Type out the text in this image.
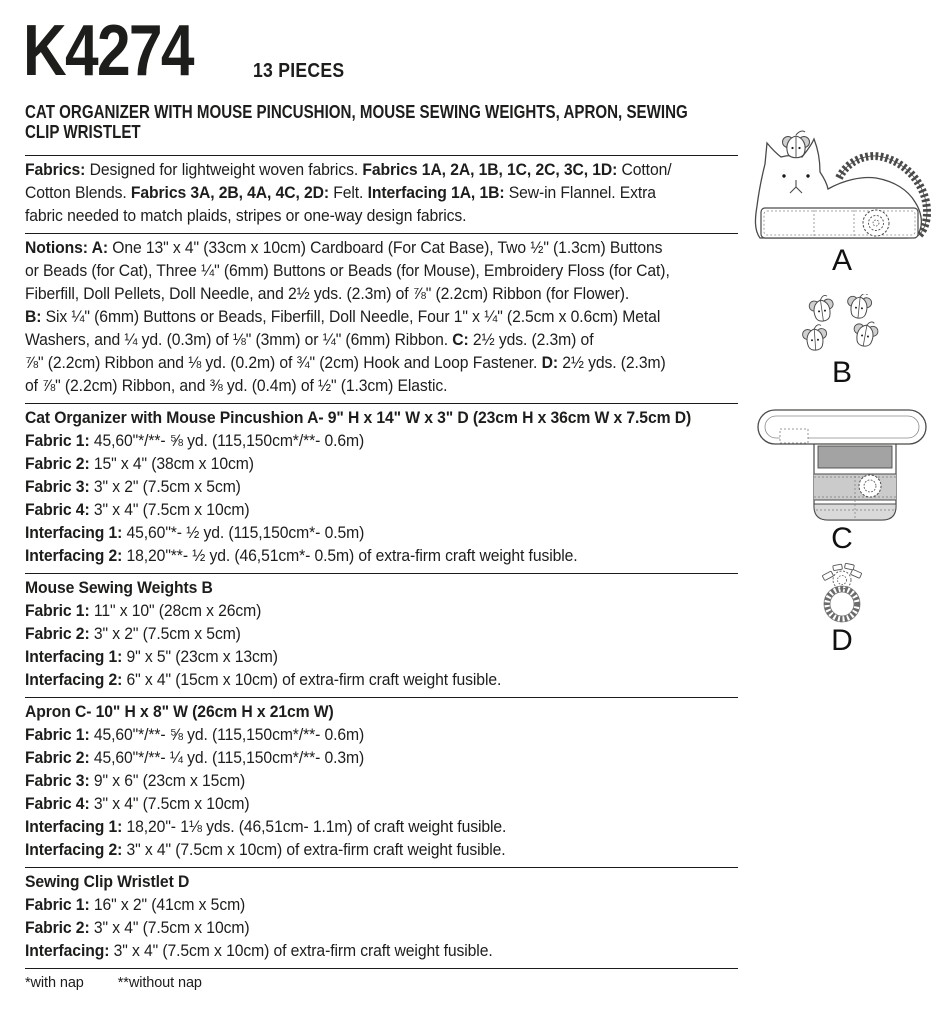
K4274	13 PIECES
CAT ORGANIZER WITH MOUSE PINCUSHION, MOUSE SEWING WEIGHTS, APRON, SEWING
CLIP WRISTLET
Fabrics: Designed for lightweight woven fabrics. Fabrics 1A, 2A, 1B, 1C, 2C, 3C, 1D: Cotton/
Cotton Blends. Fabrics 3A, 2B, 4A, 4C, 2D: Felt. Interfacing 1A, 1B: Sew-in Flannel. Extra
fabric needed to match plaids, stripes or one-way design fabrics.
Notions: A: One 13" x 4" (33cm x 10cm) Cardboard (For Cat Base), Two ½" (1.3cm) Buttons
or Beads (for Cat), Three ¼" (6mm) Buttons or Beads (for Mouse), Embroidery Floss (for Cat),
Fiberfill, Doll Pellets, Doll Needle, and 2½ yds. (2.3m) of ⅞" (2.2cm) Ribbon (for Flower).
B: Six ¼" (6mm) Buttons or Beads, Fiberfill, Doll Needle, Four 1" x ¼" (2.5cm x 0.6cm) Metal
Washers, and ¼ yd. (0.3m) of ⅛" (3mm) or ¼" (6mm) Ribbon. C: 2½ yds. (2.3m) of
⅞" (2.2cm) Ribbon and ⅛ yd. (0.2m) of ¾" (2cm) Hook and Loop Fastener. D: 2½ yds. (2.3m)
of ⅞" (2.2cm) Ribbon, and ⅜ yd. (0.4m) of ½" (1.3cm) Elastic.
Cat Organizer with Mouse Pincushion A- 9" H x 14" W x 3" D (23cm H x 36cm W x 7.5cm D)
Fabric 1: 45,60"*/**- ⅝ yd. (115,150cm*/**- 0.6m)
Fabric 2: 15" x 4" (38cm x 10cm)
Fabric 3: 3" x 2" (7.5cm x 5cm)
Fabric 4: 3" x 4" (7.5cm x 10cm)
Interfacing 1: 45,60"*- ½ yd. (115,150cm*- 0.5m)
Interfacing 2: 18,20"**- ½ yd. (46,51cm*- 0.5m) of extra-firm craft weight fusible.
Mouse Sewing Weights B
Fabric 1: 11" x 10" (28cm x 26cm)
Fabric 2: 3" x 2" (7.5cm x 5cm)
Interfacing 1: 9" x 5" (23cm x 13cm)
Interfacing 2: 6" x 4" (15cm x 10cm) of extra-firm craft weight fusible.
Apron C- 10" H x 8" W (26cm H x 21cm W)
Fabric 1: 45,60"*/**- ⅝ yd. (115,150cm*/**- 0.6m)
Fabric 2: 45,60"*/**- ¼ yd. (115,150cm*/**- 0.3m)
Fabric 3: 9" x 6" (23cm x 15cm)
Fabric 4: 3" x 4" (7.5cm x 10cm)
Interfacing 1: 18,20"- 1⅛ yds. (46,51cm- 1.1m) of craft weight fusible.
Interfacing 2: 3" x 4" (7.5cm x 10cm) of extra-firm craft weight fusible.
Sewing Clip Wristlet D
Fabric 1: 16" x 2" (41cm x 5cm)
Fabric 2: 3" x 4" (7.5cm x 10cm)
Interfacing: 3" x 4" (7.5cm x 10cm) of extra-firm craft weight fusible.
*with nap **without nap
A
B
C
D
